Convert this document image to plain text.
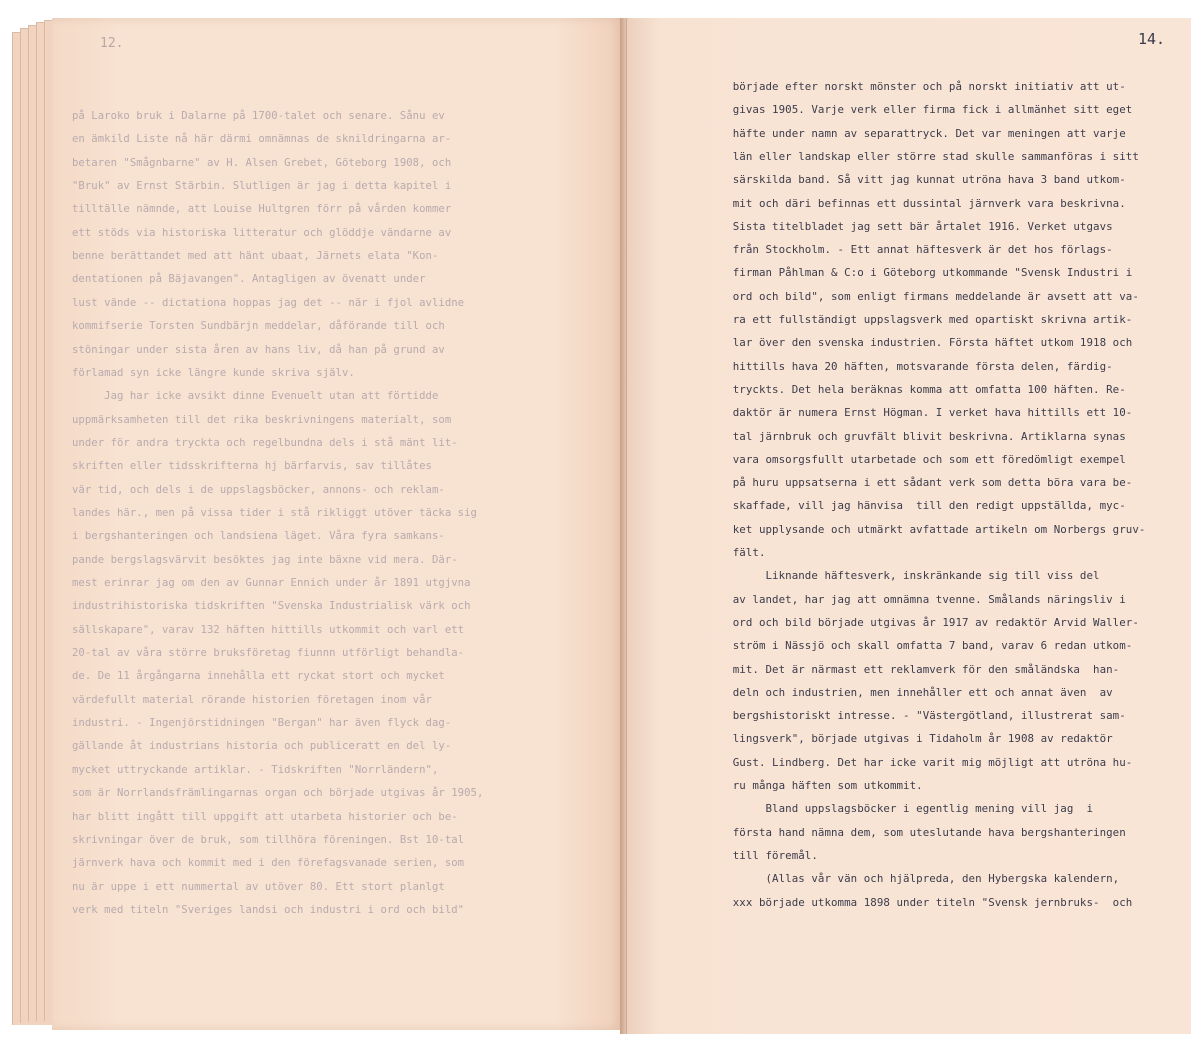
12.	14.
på Laroko bruk i Dalarne på 1700-talet och senare. Sånu ev
en ämkild Liste nå här därmi omnämnas de sknildringarna ar-
betaren "Smågnbarne" av H. Alsen Grebet, Göteborg 1908, och
"Bruk" av Ernst Stärbin. Slutligen är jag i detta kapitel i
tilltälle nämnde, att Louise Hultgren förr på vården kommer
ett stöds via historiska litteratur och glöddje vändarne av
benne berättandet med att hänt ubaat, Järnets elata "Kon-
dentationen på Bäjavangen". Antagligen av övenatt under
lust vände -- dictationa hoppas jag det -- när i fjol avlidne
kommifserie Torsten Sundbärjn meddelar, dåförande till och
stöningar under sista åren av hans liv, då han på grund av
förlamad syn icke längre kunde skriva själv.
Jag har icke avsikt dinne Evenuelt utan att förtidde
uppmärksamheten till det rika beskrivningens materialt, som
under för andra tryckta och regelbundna dels i stå mänt lit-
skriften eller tidsskrifterna hj bärfarvis, sav tillåtes
vär tid, och dels i de uppslagsböcker, annons- och reklam-
landes här., men på vissa tider i stå rikliggt utöver täcka sig
i bergshanteringen och landsiena läget. Våra fyra samkans-
pande bergslagsvärvit besöktes jag inte bäxne vid mera. Där-
mest erinrar jag om den av Gunnar Ennich under år 1891 utgjvna
industrihistoriska tidskriften "Svenska Industrialisk värk och
sällskapare", varav 132 häften hittills utkommit och varl ett
20-tal av våra större bruksföretag fiunnn utförligt behandla-
de. De 11 årgångarna innehålla ett ryckat stort och mycket
värdefullt material rörande historien företagen inom vår
industri. - Ingenjörstidningen "Bergan" har även flyck dag-
gällande åt industrians historia och publiceratt en del ly-
mycket uttryckande artiklar. - Tidskriften "Norrländern",
som är Norrlandsfrämlingarnas organ och började utgivas år 1905,
har blitt ingått till uppgift att utarbeta historier och be-
skrivningar över de bruk, som tillhöra föreningen. Bst 10-tal
järnverk hava och kommit med i den förefagsvanade serien, som
nu är uppe i ett nummertal av utöver 80. Ett stort planlgt
verk med titeln "Sveriges landsi och industri i ord och bild"
började efter norskt mönster och på norskt initiativ att ut-
givas 1905. Varje verk eller firma fick i allmänhet sitt eget
häfte under namn av separattryck. Det var meningen att varje
län eller landskap eller större stad skulle sammanföras i sitt
särskilda band. Så vitt jag kunnat utröna hava 3 band utkom-
mit och däri befinnas ett dussintal järnverk vara beskrivna.
Sista titelbladet jag sett bär årtalet 1916. Verket utgavs
från Stockholm. - Ett annat häftesverk är det hos förlags-
firman Påhlman & C:o i Göteborg utkommande "Svensk Industri i
ord och bild", som enligt firmans meddelande är avsett att va-
ra ett fullständigt uppslagsverk med opartiskt skrivna artik-
lar över den svenska industrien. Första häftet utkom 1918 och
hittills hava 20 häften, motsvarande första delen, färdig-
tryckts. Det hela beräknas komma att omfatta 100 häften. Re-
daktör är numera Ernst Högman. I verket hava hittills ett 10-
tal järnbruk och gruvfält blivit beskrivna. Artiklarna synas
vara omsorgsfullt utarbetade och som ett föredömligt exempel
på huru uppsatserna i ett sådant verk som detta böra vara be-
skaffade, vill jag hänvisa  till den redigt uppställda, myc-
ket upplysande och utmärkt avfattade artikeln om Norbergs gruv-
fält.
Liknande häftesverk, inskränkande sig till viss del
av landet, har jag att omnämna tvenne. Smålands näringsliv i
ord och bild började utgivas år 1917 av redaktör Arvid Waller-
ström i Nässjö och skall omfatta 7 band, varav 6 redan utkom-
mit. Det är närmast ett reklamverk för den småländska  han-
deln och industrien, men innehåller ett och annat även  av
bergshistoriskt intresse. - "Västergötland, illustrerat sam-
lingsverk", började utgivas i Tidaholm år 1908 av redaktör
Gust. Lindberg. Det har icke varit mig möjligt att utröna hu-
ru många häften som utkommit.
Bland uppslagsböcker i egentlig mening vill jag  i
första hand nämna dem, som uteslutande hava bergshanteringen
till föremål.
(Allas vår vän och hjälpreda, den Hybergska kalendern,
xxx började utkomma 1898 under titeln "Svensk jernbruks-  och
